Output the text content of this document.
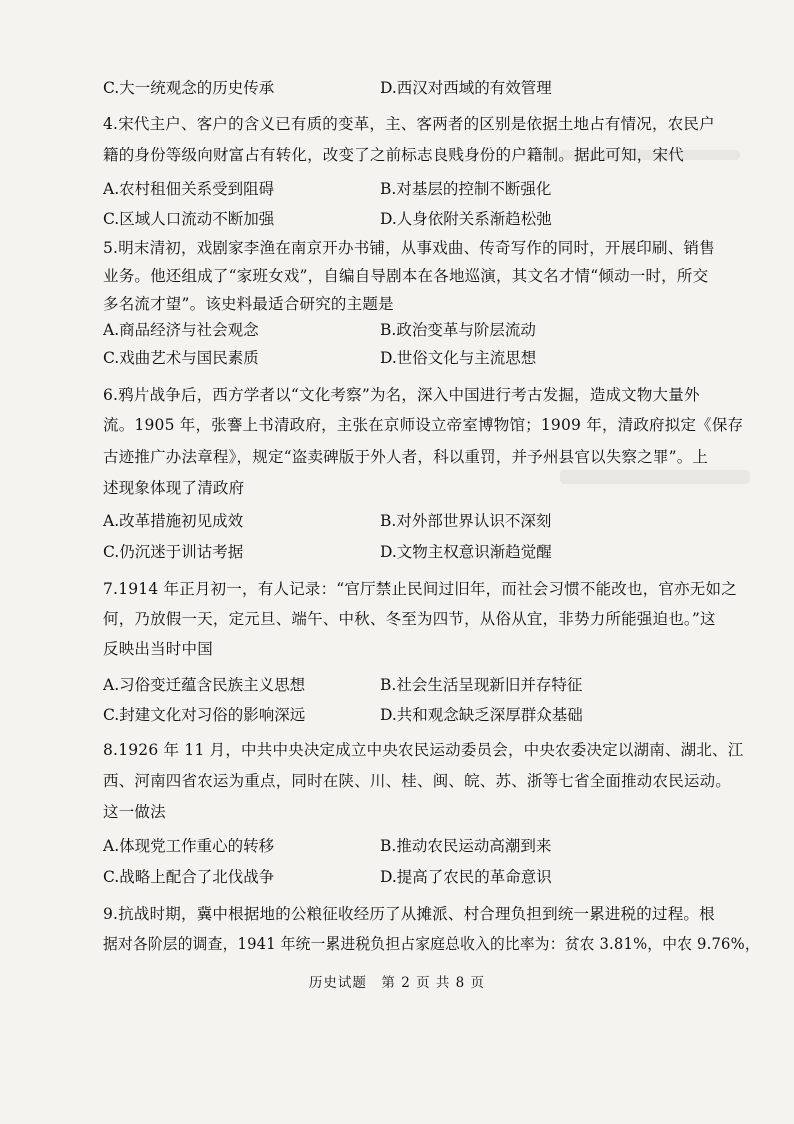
C.大一统观念的历史传承	D.西汉对西域的有效管理
4.宋代主户、客户的含义已有质的变革，主、客两者的区别是依据土地占有情况，农民户
籍的身份等级向财富占有转化，改变了之前标志良贱身份的户籍制。据此可知，宋代
A.农村租佃关系受到阻碍	B.对基层的控制不断强化
C.区域人口流动不断加强	D.人身依附关系渐趋松弛
5.明末清初，戏剧家李渔在南京开办书铺，从事戏曲、传奇写作的同时，开展印刷、销售
业务。他还组成了“家班女戏”，自编自导剧本在各地巡演，其文名才情“倾动一时，所交
多名流才望”。该史料最适合研究的主题是
A.商品经济与社会观念	B.政治变革与阶层流动
C.戏曲艺术与国民素质	D.世俗文化与主流思想
6.鸦片战争后，西方学者以“文化考察”为名，深入中国进行考古发掘，造成文物大量外
流。1905 年，张謇上书清政府，主张在京师设立帝室博物馆；1909 年，清政府拟定《保存
古迹推广办法章程》，规定“盗卖碑版于外人者，科以重罚，并予州县官以失察之罪”。上
述现象体现了清政府
A.改革措施初见成效	B.对外部世界认识不深刻
C.仍沉迷于训诂考据	D.文物主权意识渐趋觉醒
7.1914 年正月初一，有人记录：“官厅禁止民间过旧年，而社会习惯不能改也，官亦无如之
何，乃放假一天，定元旦、端午、中秋、冬至为四节，从俗从宜，非势力所能强迫也。”这
反映出当时中国
A.习俗变迁蕴含民族主义思想	B.社会生活呈现新旧并存特征
C.封建文化对习俗的影响深远	D.共和观念缺乏深厚群众基础
8.1926 年 11 月，中共中央决定成立中央农民运动委员会，中央农委决定以湖南、湖北、江
西、河南四省农运为重点，同时在陕、川、桂、闽、皖、苏、浙等七省全面推动农民运动。
这一做法
A.体现党工作重心的转移	B.推动农民运动高潮到来
C.战略上配合了北伐战争	D.提高了农民的革命意识
9.抗战时期，冀中根据地的公粮征收经历了从摊派、村合理负担到统一累进税的过程。根
据对各阶层的调查，1941 年统一累进税负担占家庭总收入的比率为：贫农 3.81%，中农 9.76%，
历史试题　第 2 页 共 8 页
